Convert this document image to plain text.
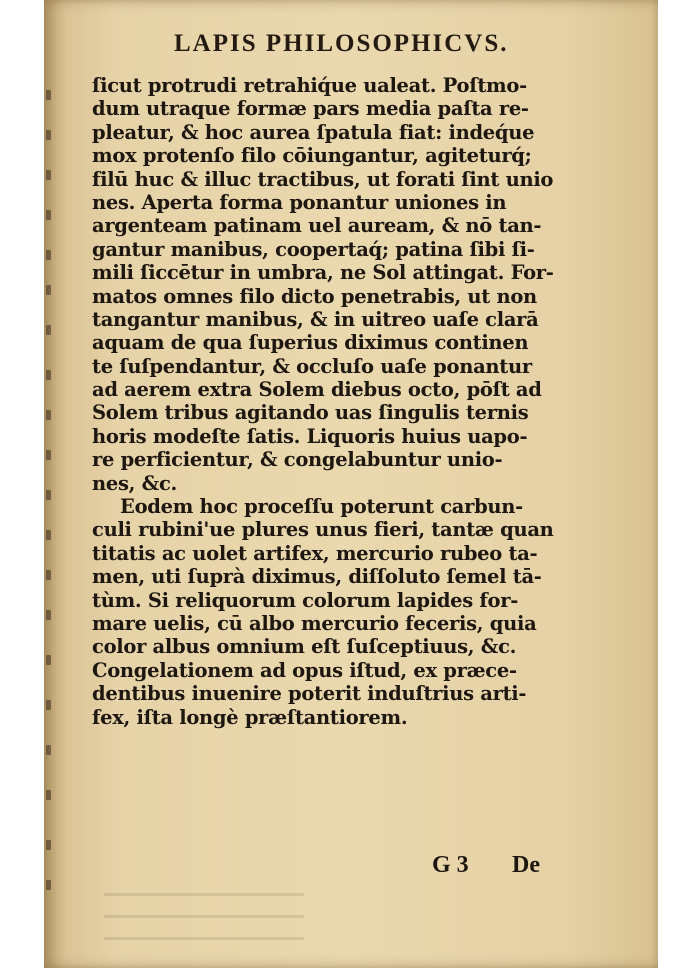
LAPIS PHILOSOPHICVS.
ſicut protrudi retrahiq́ue ualeat. Poſtmo-
dum utraque formæ pars media paſta re-
pleatur, & hoc aurea ſpatula fiat: indeq́ue
mox protenſo filo cōiungantur, agiteturq́;
filū huc & illuc tractibus, ut forati ſint unio
nes. Aperta forma ponantur uniones in
argenteam patinam uel auream, & nō tan-
gantur manibus, coopertaq́; patina ſibi ſi-
mili ſiccētur in umbra, ne Sol attingat. For-
matos omnes filo dicto penetrabis, ut non
tangantur manibus, & in uitreo uaſe clarā
aquam de qua ſuperius diximus continen
te ſuſpendantur, & occluſo uaſe ponantur
ad aerem extra Solem diebus octo, pōſt ad
Solem tribus agitando uas ſingulis ternis
horis modeſte ſatis. Liquoris huius uapo-
re perficientur, & congelabuntur unio-
nes, &c.
Eodem hoc proceſſu poterunt carbun-
culi rubini'ue plures unus fieri, tantæ quan
titatis ac uolet artifex, mercurio rubeo ta-
men, uti ſuprà diximus, diſſoluto ſemel tā-
tùm. Si reliquorum colorum lapides for-
mare uelis, cū albo mercurio feceris, quia
color albus omnium eſt ſuſceptiuus, &c.
Congelationem ad opus iſtud, ex præce-
dentibus inuenire poterit induſtrius arti-
fex, iſta longè præſtantiorem.
G 3 De
